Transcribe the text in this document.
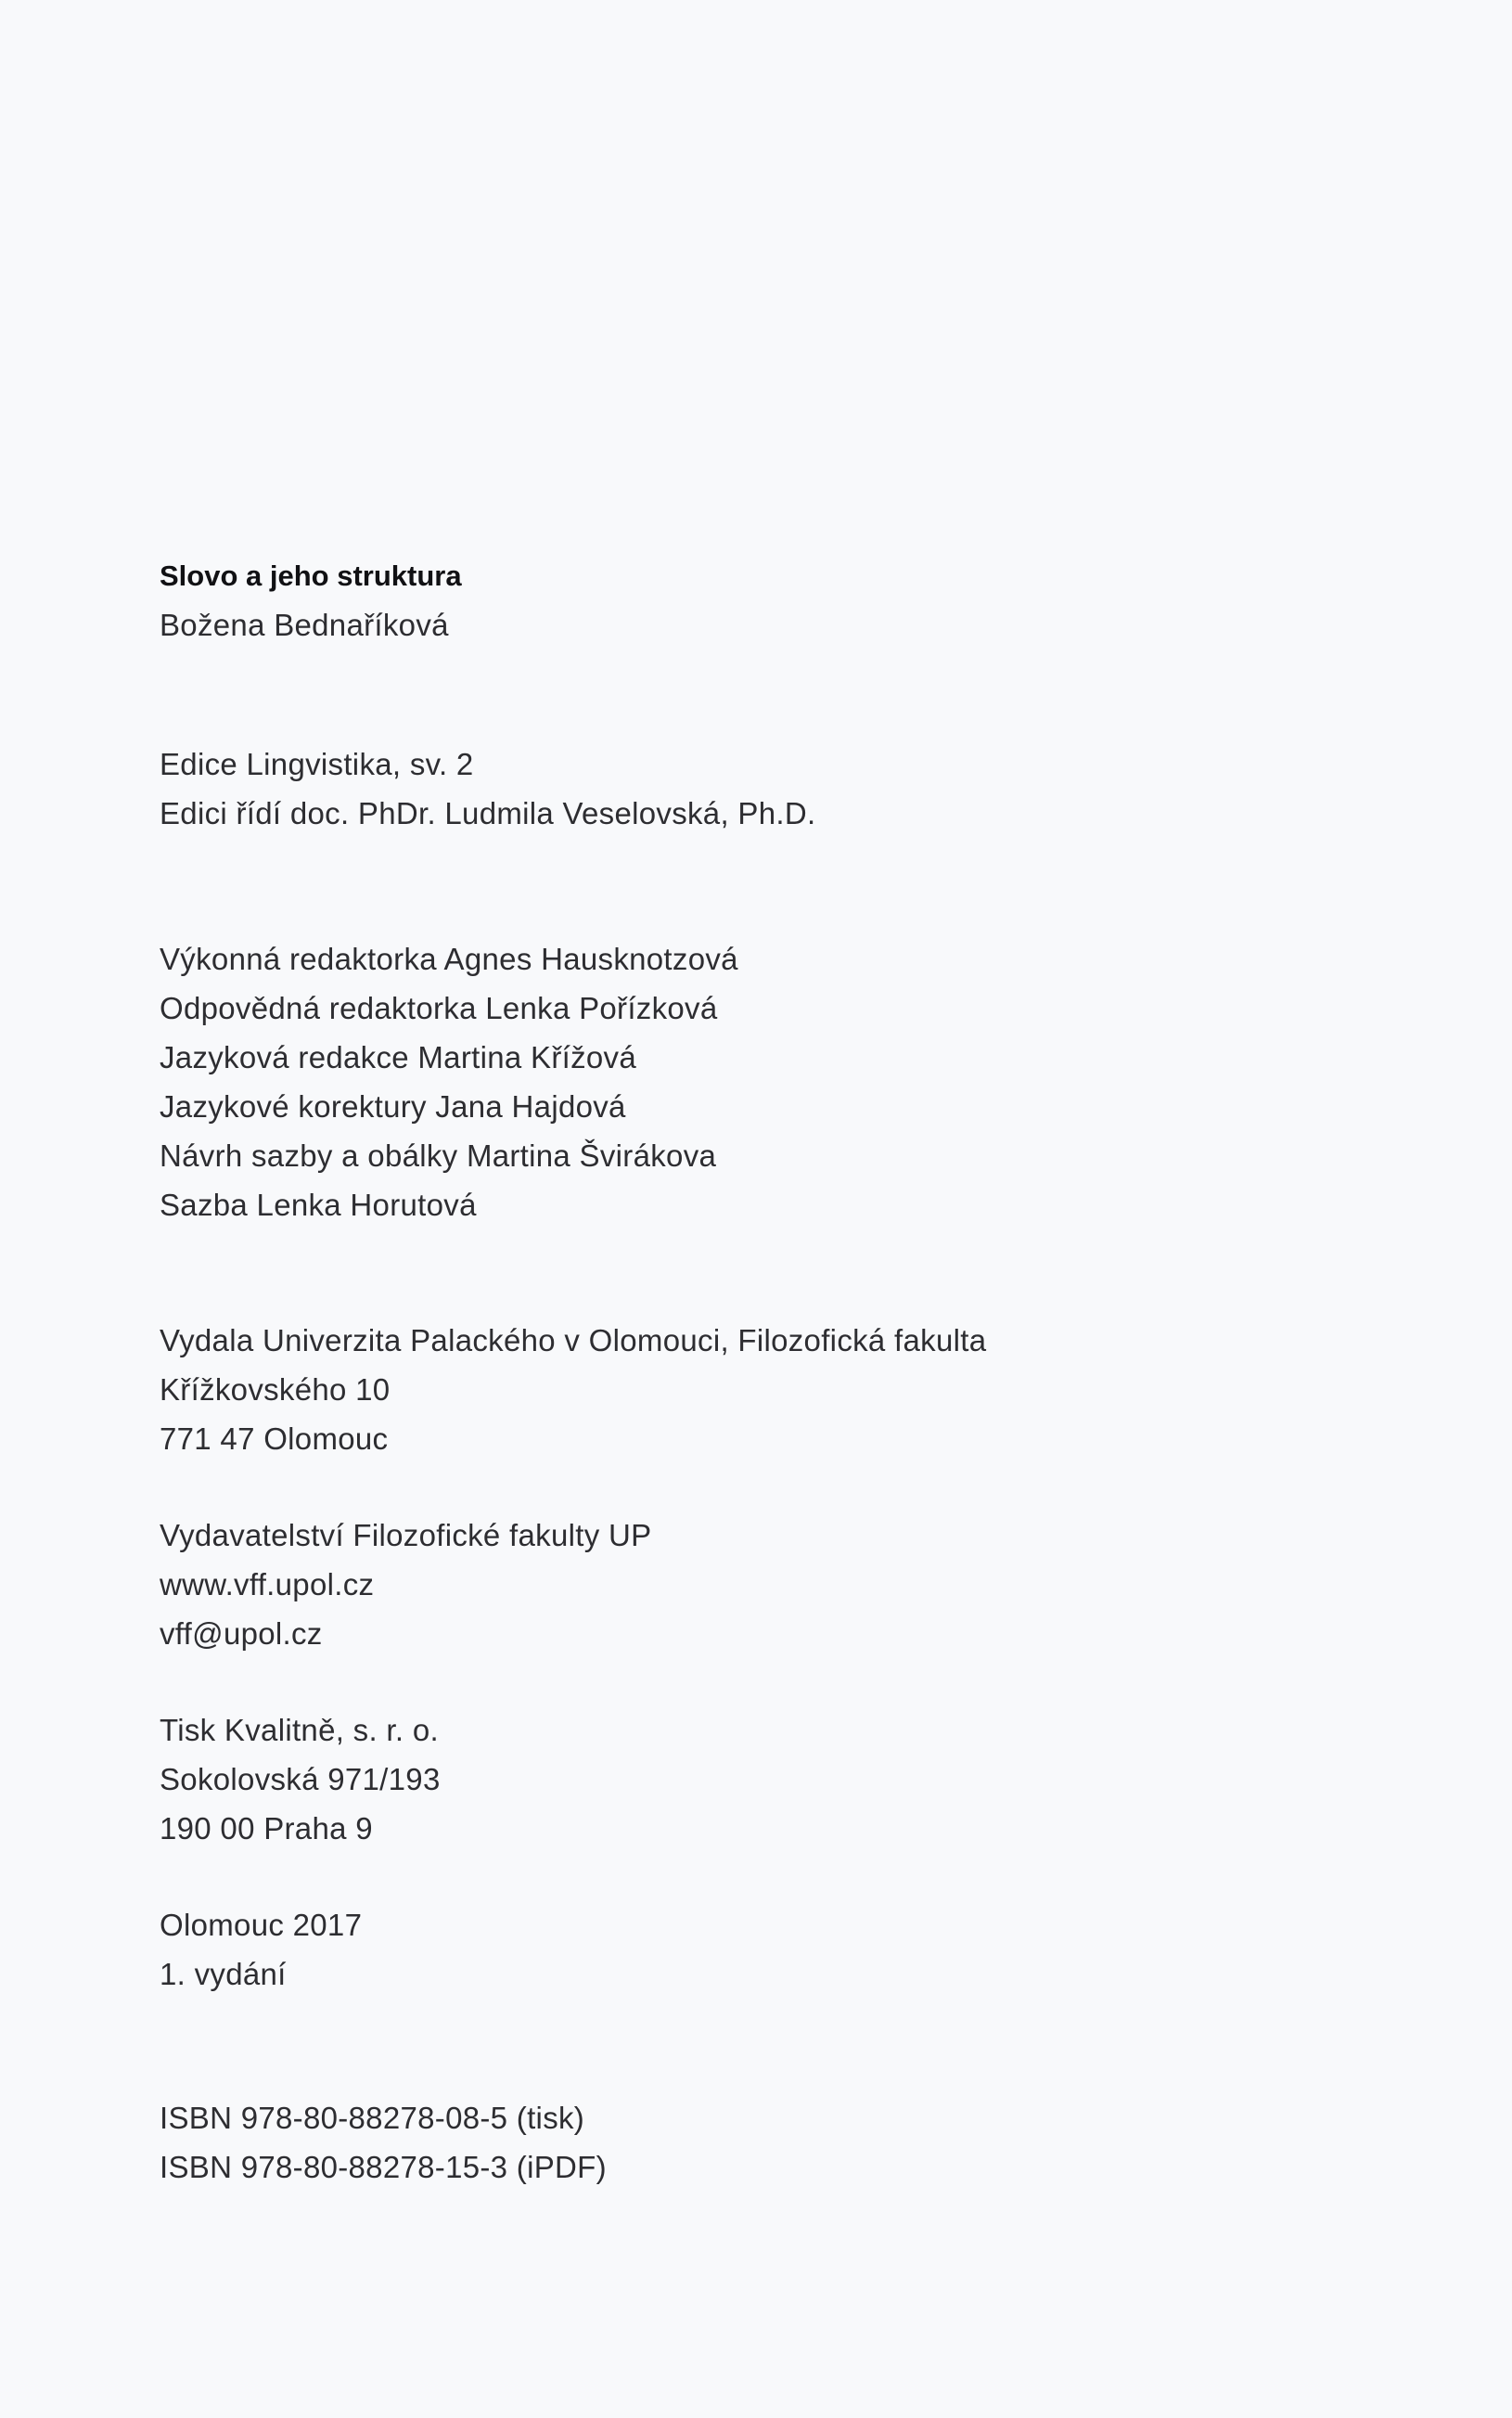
Slovo a jeho struktura
Božena Bednaříková
Edice Lingvistika, sv. 2
Edici řídí doc. PhDr. Ludmila Veselovská, Ph.D.
Výkonná redaktorka Agnes Hausknotzová
Odpovědná redaktorka Lenka Pořízková
Jazyková redakce Martina Křížová
Jazykové korektury Jana Hajdová
Návrh sazby a obálky Martina Švirákova
Sazba Lenka Horutová
Vydala Univerzita Palackého v Olomouci, Filozofická fakulta
Křížkovského 10
771 47 Olomouc
Vydavatelství Filozofické fakulty UP
www.vff.upol.cz
vff@upol.cz
Tisk Kvalitně, s. r. o.
Sokolovská 971/193
190 00 Praha 9
Olomouc 2017
1. vydání
ISBN 978-80-88278-08-5 (tisk)
ISBN 978-80-88278-15-3 (iPDF)
